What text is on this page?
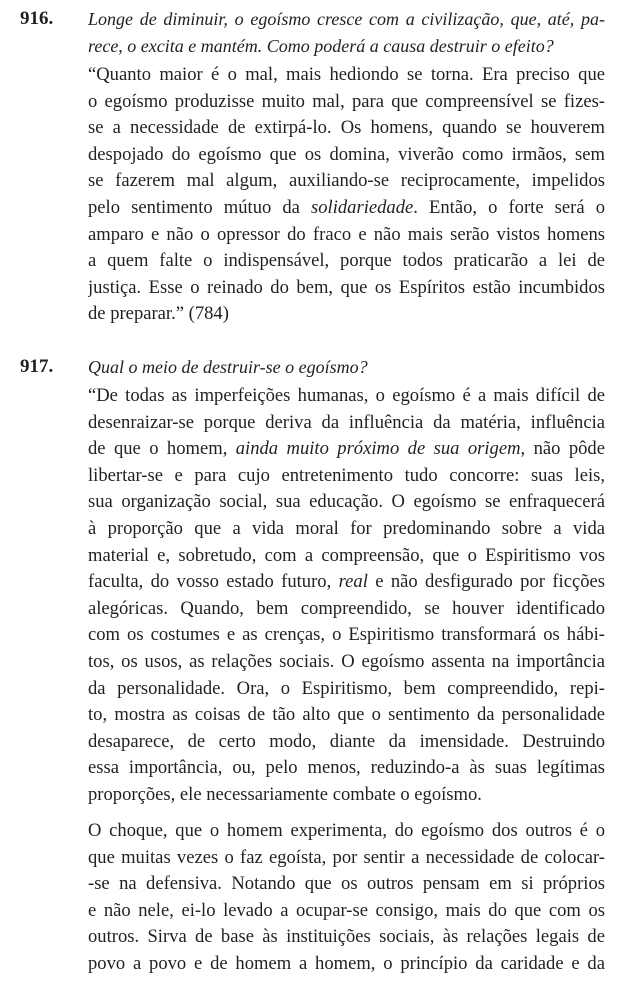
916. Longe de diminuir, o egoísmo cresce com a civilização, que, até, pa-
rece, o excita e mantém. Como poderá a causa destruir o efeito?
“Quanto maior é o mal, mais hediondo se torna. Era preciso que
o egoísmo produzisse muito mal, para que compreensível se fizes-
se a necessidade de extirpá-lo. Os homens, quando se houverem
despojado do egoísmo que os domina, viverão como irmãos, sem
se fazerem mal algum, auxiliando-se reciprocamente, impelidos
pelo sentimento mútuo da solidariedade. Então, o forte será o
amparo e não o opressor do fraco e não mais serão vistos homens
a quem falte o indispensável, porque todos praticarão a lei de
justiça. Esse o reinado do bem, que os Espíritos estão incumbidos
de preparar.” (784)
917. Qual o meio de destruir-se o egoísmo?
“De todas as imperfeições humanas, o egoísmo é a mais difícil de
desenraizar-se porque deriva da influência da matéria, influência
de que o homem, ainda muito próximo de sua origem, não pôde
libertar-se e para cujo entretenimento tudo concorre: suas leis,
sua organização social, sua educação. O egoísmo se enfraquecerá
à proporção que a vida moral for predominando sobre a vida
material e, sobretudo, com a compreensão, que o Espiritismo vos
faculta, do vosso estado futuro, real e não desfigurado por ficções
alegóricas. Quando, bem compreendido, se houver identificado
com os costumes e as crenças, o Espiritismo transformará os hábi-
tos, os usos, as relações sociais. O egoísmo assenta na importância
da personalidade. Ora, o Espiritismo, bem compreendido, repi-
to, mostra as coisas de tão alto que o sentimento da personalidade
desaparece, de certo modo, diante da imensidade. Destruindo
essa importância, ou, pelo menos, reduzindo-a às suas legítimas
proporções, ele necessariamente combate o egoísmo.
O choque, que o homem experimenta, do egoísmo dos outros é o
que muitas vezes o faz egoísta, por sentir a necessidade de colocar-
-se na defensiva. Notando que os outros pensam em si próprios
e não nele, ei-lo levado a ocupar-se consigo, mais do que com os
outros. Sirva de base às instituições sociais, às relações legais de
povo a povo e de homem a homem, o princípio da caridade e da
